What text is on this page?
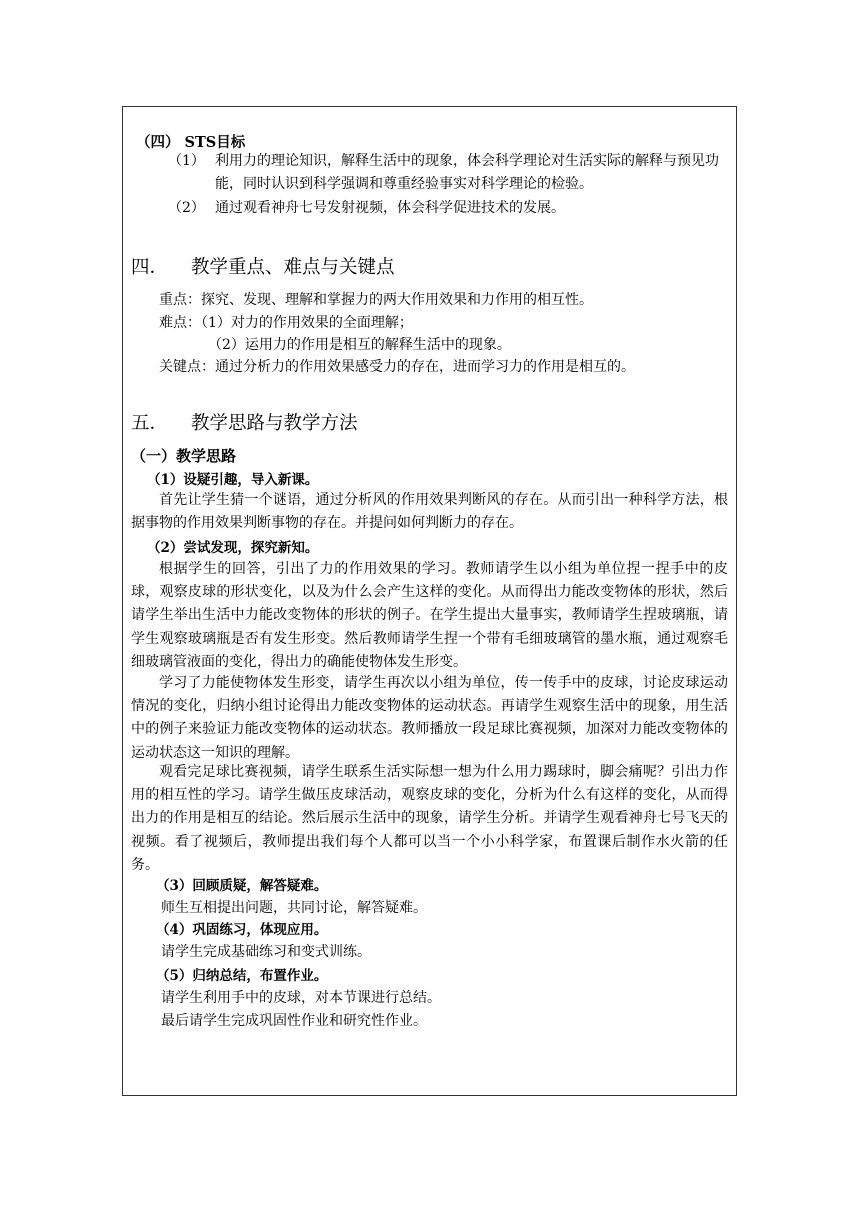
（四） STS目标
（1） 利用力的理论知识，解释生活中的现象，体会科学理论对生活实际的解释与预见功能，同时认识到科学强调和尊重经验事实对科学理论的检验。
（2） 通过观看神舟七号发射视频，体会科学促进技术的发展。
四． 教学重点、难点与关键点
重点：探究、发现、理解和掌握力的两大作用效果和力作用的相互性。
难点：（1）对力的作用效果的全面理解；
（2）运用力的作用是相互的解释生活中的现象。
关键点：通过分析力的作用效果感受力的存在，进而学习力的作用是相互的。
五． 教学思路与教学方法
（一）教学思路
（1）设疑引趣，导入新课。
首先让学生猜一个谜语，通过分析风的作用效果判断风的存在。从而引出一种科学方法，根据事物的作用效果判断事物的存在。并提问如何判断力的存在。
（2）尝试发现，探究新知。
根据学生的回答，引出了力的作用效果的学习。教师请学生以小组为单位捏一捏手中的皮球，观察皮球的形状变化，以及为什么会产生这样的变化。从而得出力能改变物体的形状，然后请学生举出生活中力能改变物体的形状的例子。在学生提出大量事实，教师请学生捏玻璃瓶，请学生观察玻璃瓶是否有发生形变。然后教师请学生捏一个带有毛细玻璃管的墨水瓶，通过观察毛细玻璃管液面的变化，得出力的确能使物体发生形变。
学习了力能使物体发生形变，请学生再次以小组为单位，传一传手中的皮球，讨论皮球运动情况的变化，归纳小组讨论得出力能改变物体的运动状态。再请学生观察生活中的现象，用生活中的例子来验证力能改变物体的运动状态。教师播放一段足球比赛视频，加深对力能改变物体的运动状态这一知识的理解。
观看完足球比赛视频，请学生联系生活实际想一想为什么用力踢球时，脚会痛呢？引出力作用的相互性的学习。请学生做压皮球活动，观察皮球的变化，分析为什么有这样的变化，从而得出力的作用是相互的结论。然后展示生活中的现象，请学生分析。并请学生观看神舟七号飞天的视频。看了视频后，教师提出我们每个人都可以当一个小小科学家，布置课后制作水火箭的任务。
（3）回顾质疑，解答疑难。
师生互相提出问题，共同讨论，解答疑难。
（4）巩固练习，体现应用。
请学生完成基础练习和变式训练。
（5）归纳总结，布置作业。
请学生利用手中的皮球，对本节课进行总结。
最后请学生完成巩固性作业和研究性作业。
